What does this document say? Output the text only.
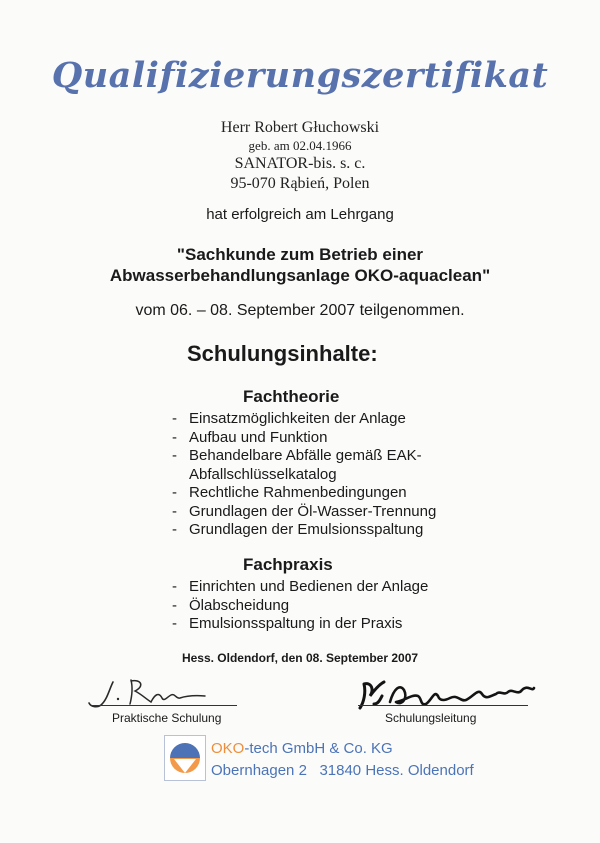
Qualifizierungszertifikat
Herr Robert Głuchowski
geb. am 02.04.1966
SANATOR-bis. s. c.
95-070 Rąbień, Polen
hat erfolgreich am Lehrgang
"Sachkunde zum Betrieb einer
Abwasserbehandlungsanlage OKO-aquaclean"
vom 06. – 08. September 2007 teilgenommen.
Schulungsinhalte:
Fachtheorie
- Einsatzmöglichkeiten der Anlage
- Aufbau und Funktion
- Behandelbare Abfälle gemäß EAK-
Abfallschlüsselkatalog
- Rechtliche Rahmenbedingungen
- Grundlagen der Öl-Wasser-Trennung
- Grundlagen der Emulsionsspaltung
Fachpraxis
- Einrichten und Bedienen der Anlage
- Ölabscheidung
- Emulsionsspaltung in der Praxis
Hess. Oldendorf, den 08. September 2007
Praktische Schulung	Schulungsleitung
OKO-tech GmbH & Co. KG
Obernhagen 2 31840 Hess. Oldendorf
